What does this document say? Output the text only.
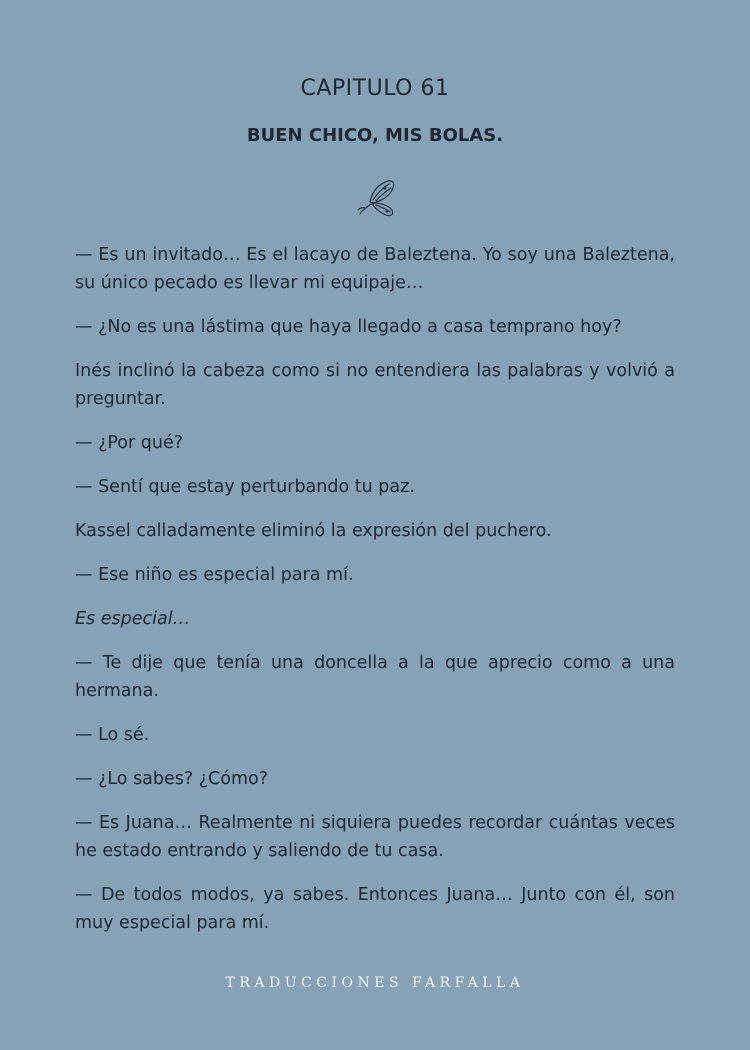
CAPITULO 61
BUEN CHICO, MIS BOLAS.

— Es un invitado… Es el lacayo de Baleztena. Yo soy una Baleztena, su único pecado es llevar mi equipaje…

— ¿No es una lástima que haya llegado a casa temprano hoy?

Inés inclinó la cabeza como si no entendiera las palabras y volvió a preguntar.

— ¿Por qué?

— Sentí que estay perturbando tu paz.

Kassel calladamente eliminó la expresión del puchero.

— Ese niño es especial para mí.

Es especial…

— Te dije que tenía una doncella a la que aprecio como a una hermana.

— Lo sé.

— ¿Lo sabes? ¿Cómo?

— Es Juana… Realmente ni siquiera puedes recordar cuántas veces he estado entrando y saliendo de tu casa.

— De todos modos, ya sabes. Entonces Juana… Junto con él, son muy especial para mí.

TRADUCCIONES FARFALLA
